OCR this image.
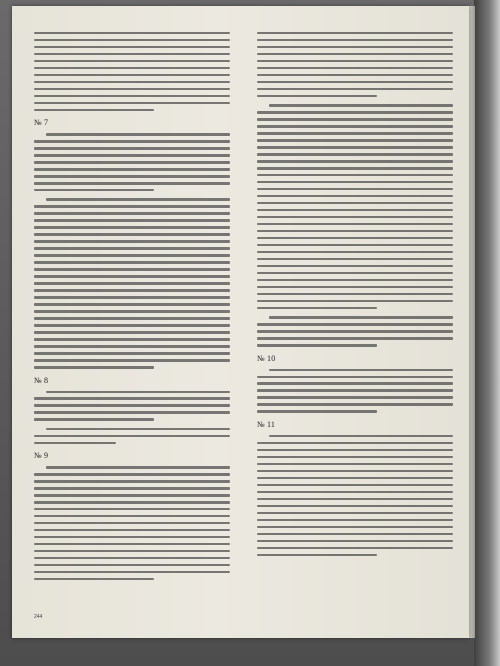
№ 7
№ 8
№ 9
№ 10
№ 11
244
